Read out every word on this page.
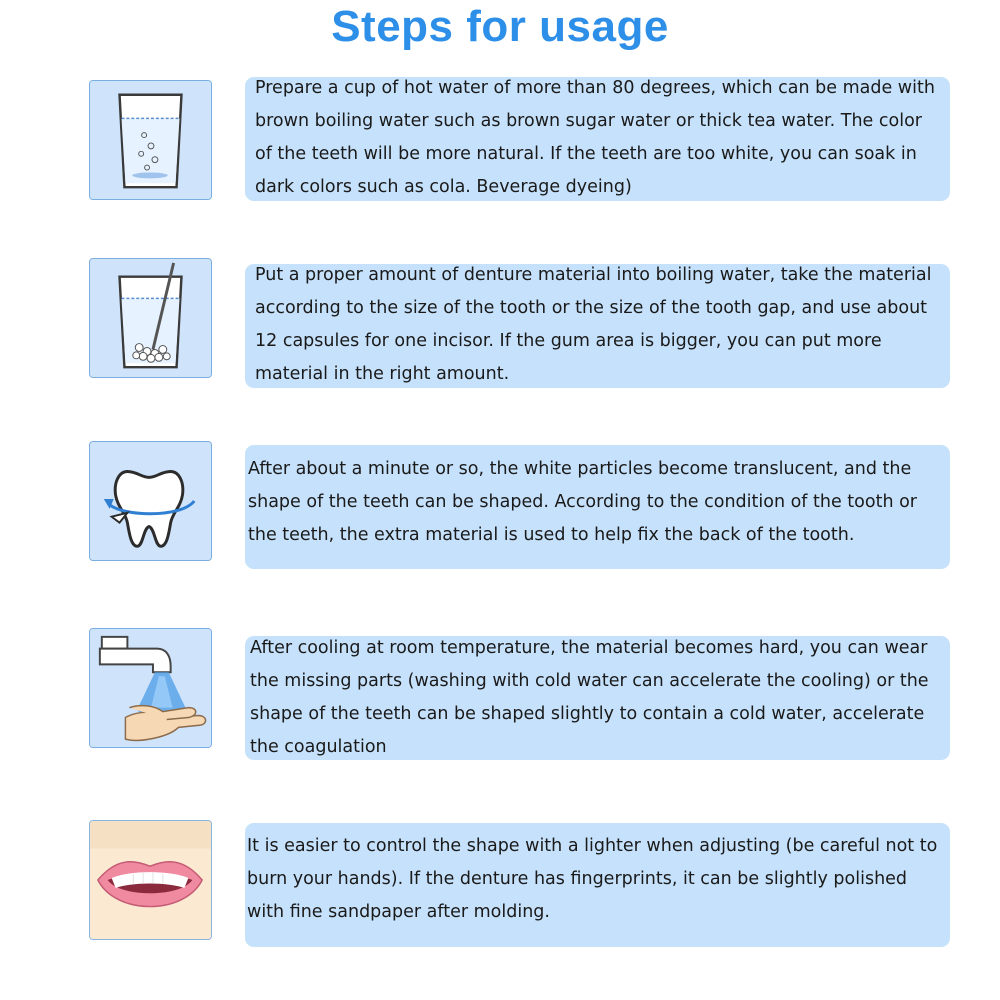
Steps for usage

Prepare a cup of hot water of more than 80 degrees, which can be made with brown boiling water such as brown sugar water or thick tea water. The color of the teeth will be more natural. If the teeth are too white, you can soak in dark colors such as cola. Beverage dyeing)

Put a proper amount of denture material into boiling water, take the material according to the size of the tooth or the size of the tooth gap, and use about 12 capsules for one incisor. If the gum area is bigger, you can put more material in the right amount.

After about a minute or so, the white particles become translucent, and the shape of the teeth can be shaped. According to the condition of the tooth or the teeth, the extra material is used to help fix the back of the tooth.

After cooling at room temperature, the material becomes hard, you can wear the missing parts (washing with cold water can accelerate the cooling) or the shape of the teeth can be shaped slightly to contain a cold water, accelerate the coagulation

It is easier to control the shape with a lighter when adjusting (be careful not to burn your hands). If the denture has fingerprints, it can be slightly polished with fine sandpaper after molding.
